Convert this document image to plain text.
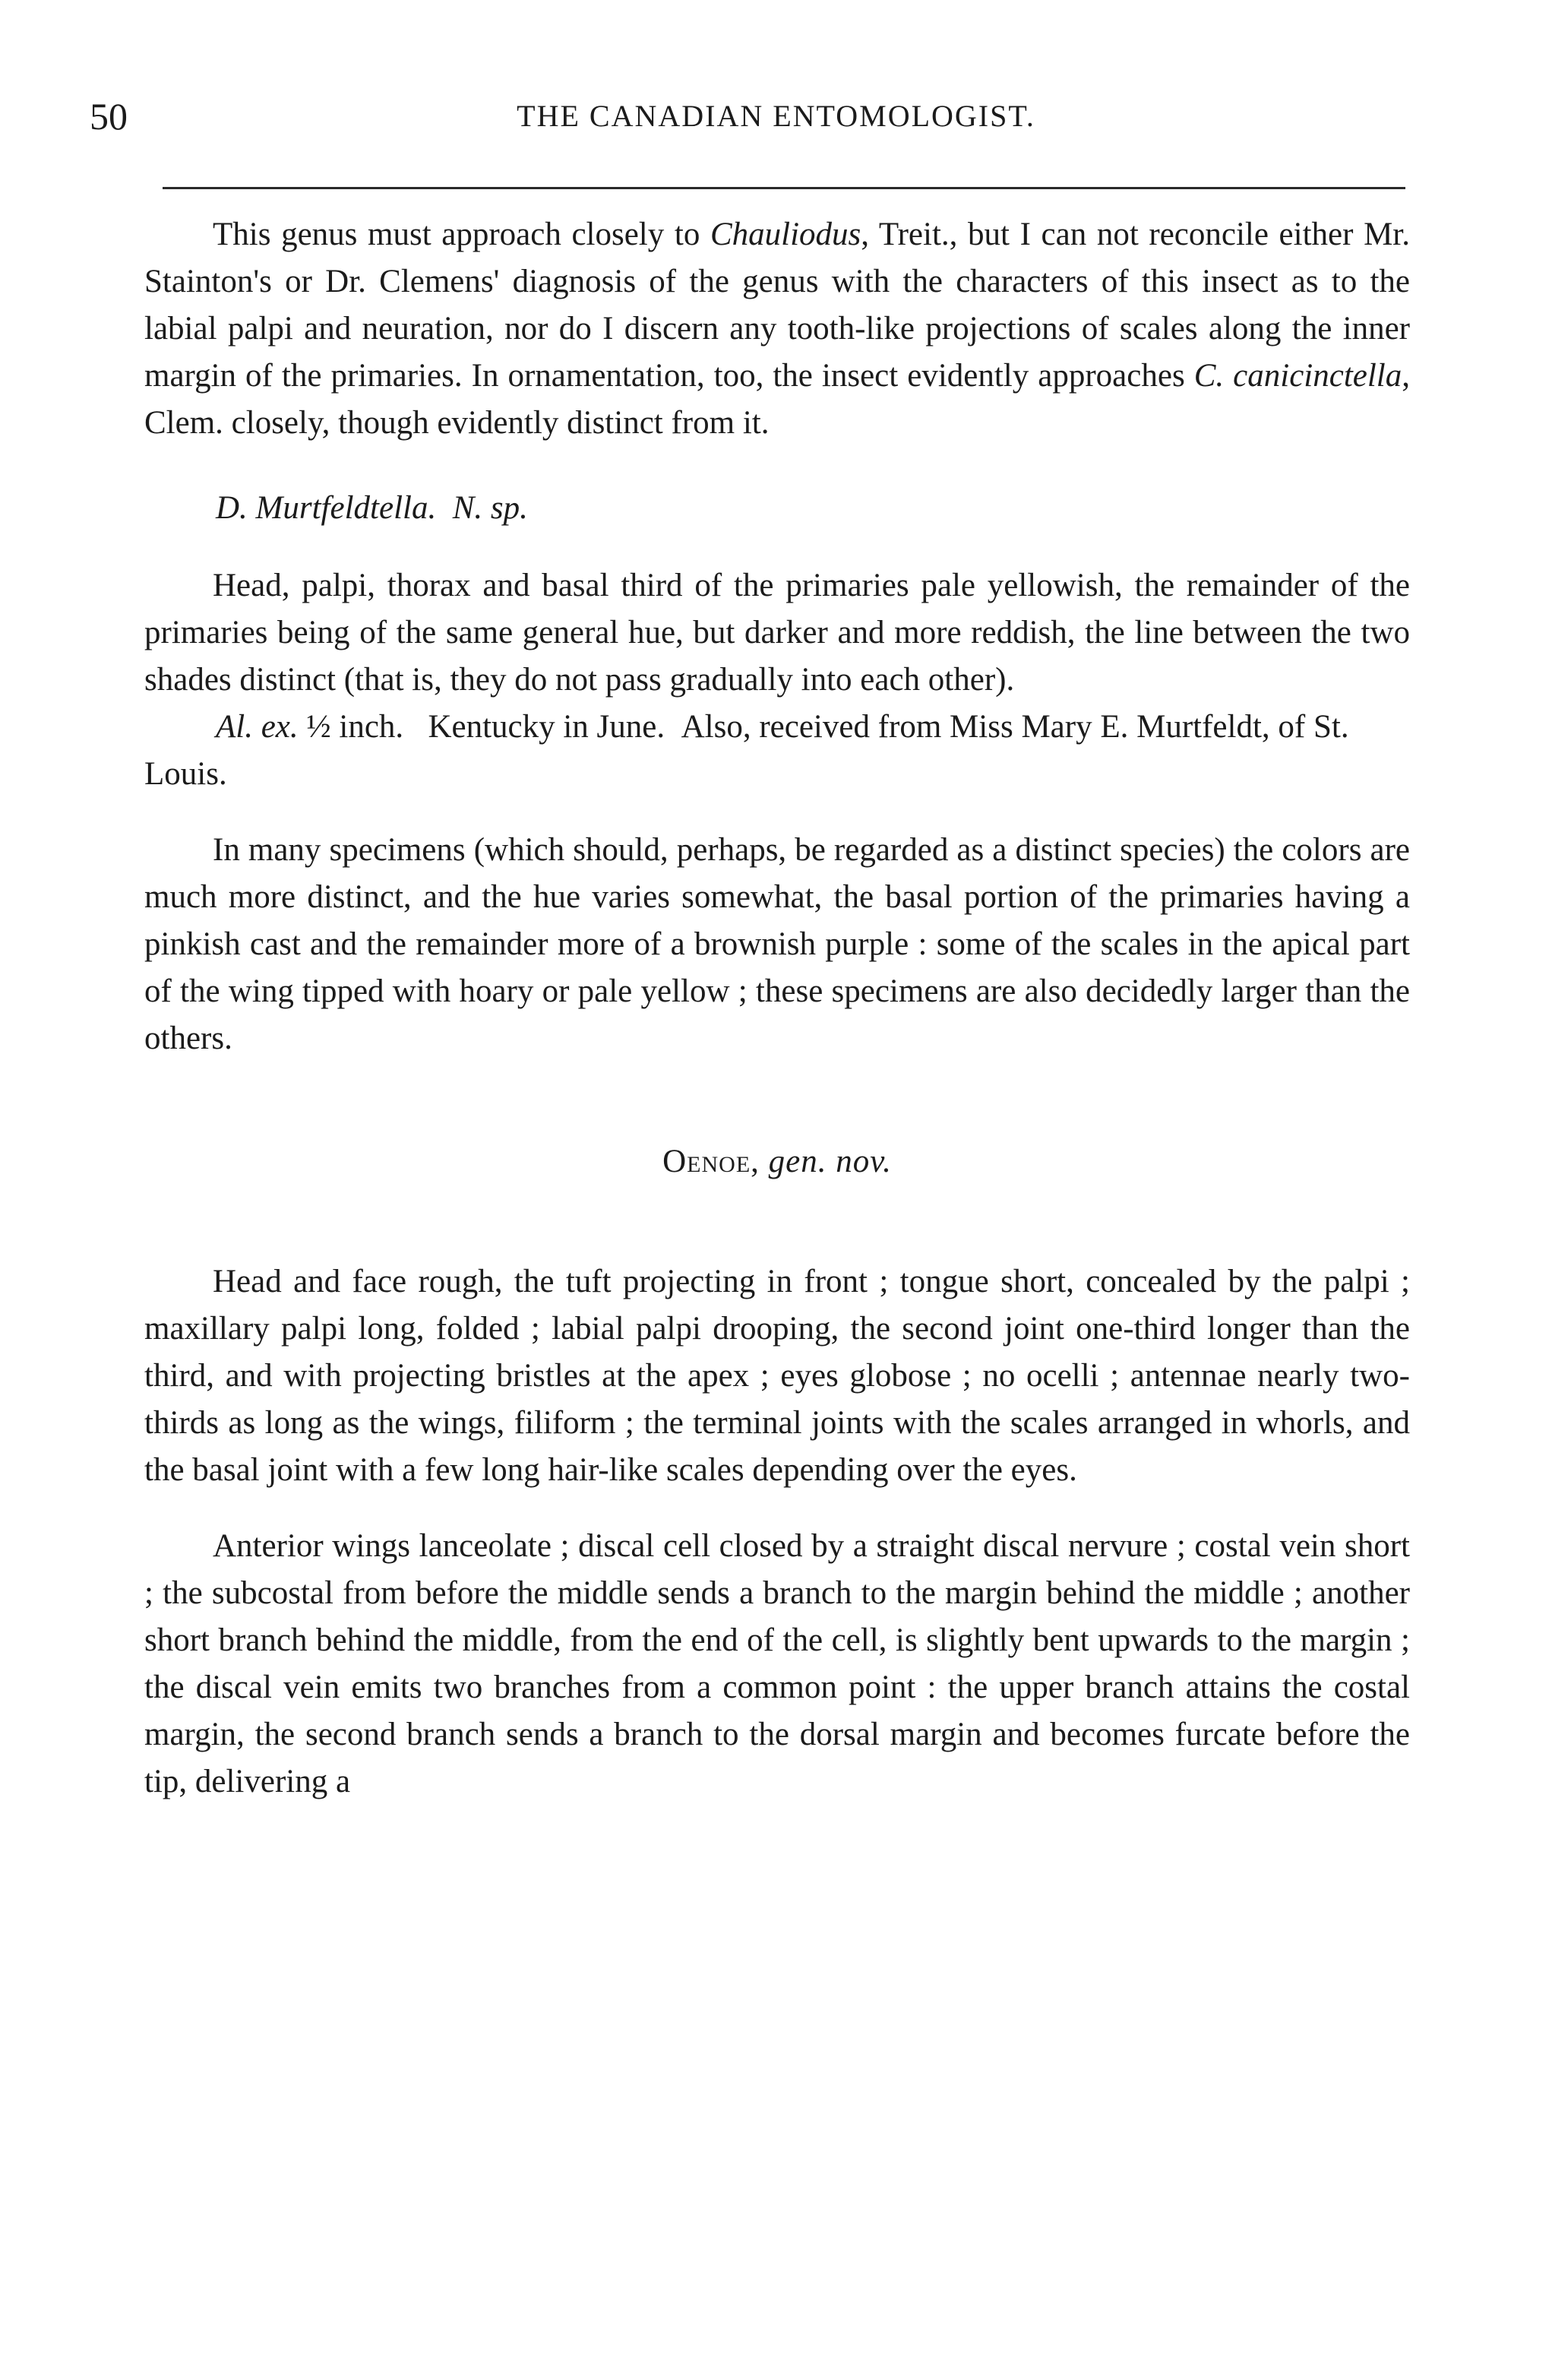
50	THE CANADIAN ENTOMOLOGIST.

This genus must approach closely to Chauliodus, Treit., but I can not reconcile either Mr. Stainton's or Dr. Clemens' diagnosis of the genus with the characters of this insect as to the labial palpi and neuration, nor do I discern any tooth-like projections of scales along the inner margin of the primaries. In ornamentation, too, the insect evidently approaches C. canicinctella, Clem. closely, though evidently distinct from it.

D. Murtfeldtella. N. sp.

Head, palpi, thorax and basal third of the primaries pale yellowish, the remainder of the primaries being of the same general hue, but darker and more reddish, the line between the two shades distinct (that is, they do not pass gradually into each other).

Al. ex. ½ inch. Kentucky in June. Also, received from Miss Mary E. Murtfeldt, of St. Louis.

In many specimens (which should, perhaps, be regarded as a distinct species) the colors are much more distinct, and the hue varies somewhat, the basal portion of the primaries having a pinkish cast and the remainder more of a brownish purple : some of the scales in the apical part of the wing tipped with hoary or pale yellow ; these specimens are also decidedly larger than the others.

Oenoe, gen. nov.

Head and face rough, the tuft projecting in front ; tongue short, concealed by the palpi ; maxillary palpi long, folded ; labial palpi drooping, the second joint one-third longer than the third, and with projecting bristles at the apex ; eyes globose ; no ocelli ; antennae nearly two-thirds as long as the wings, filiform ; the terminal joints with the scales arranged in whorls, and the basal joint with a few long hair-like scales depending over the eyes.

Anterior wings lanceolate ; discal cell closed by a straight discal nervure ; costal vein short ; the subcostal from before the middle sends a branch to the margin behind the middle ; another short branch behind the middle, from the end of the cell, is slightly bent upwards to the margin ; the discal vein emits two branches from a common point : the upper branch attains the costal margin, the second branch sends a branch to the dorsal margin and becomes furcate before the tip, delivering a
